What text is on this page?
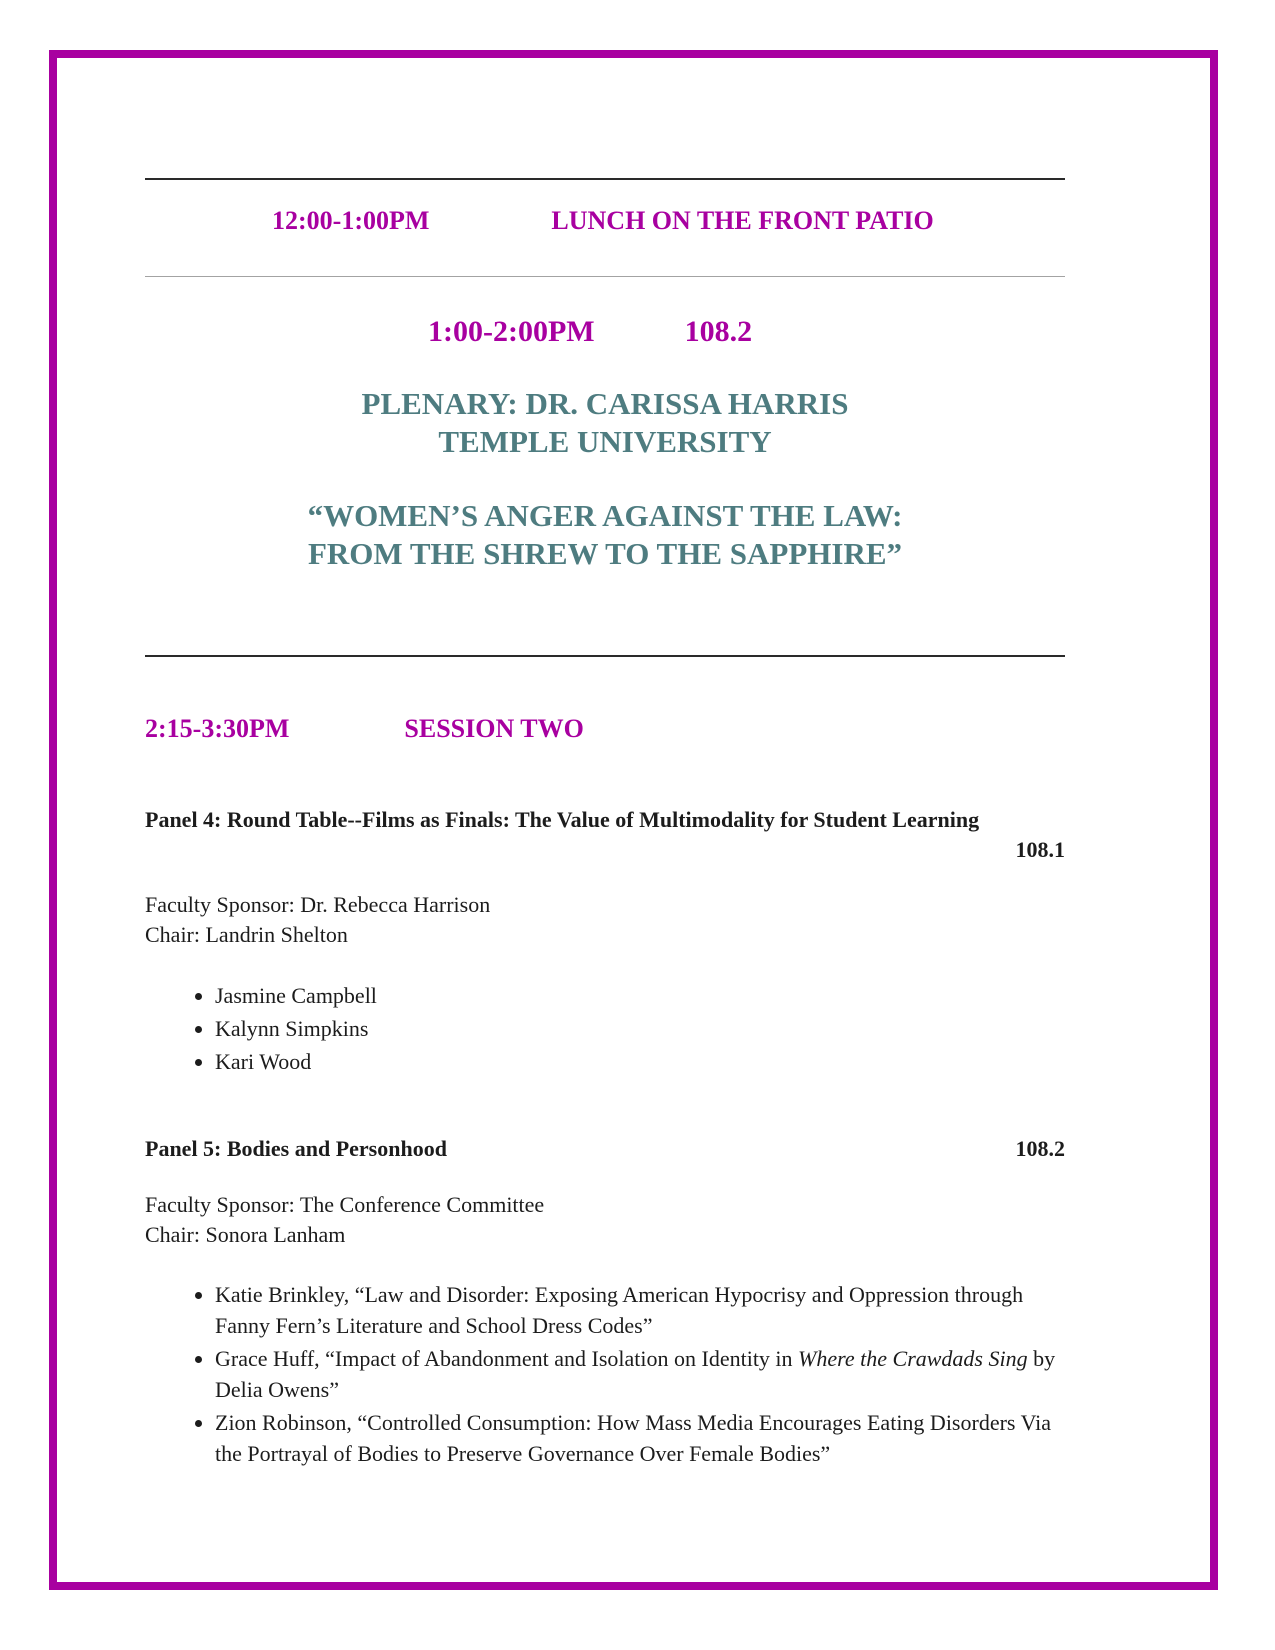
12:00-1:00PM	LUNCH ON THE FRONT PATIO
1:00-2:00PM	108.2
PLENARY: DR. CARISSA HARRIS
TEMPLE UNIVERSITY
“WOMEN’S ANGER AGAINST THE LAW:
FROM THE SHREW TO THE SAPPHIRE”
2:15-3:30PM	SESSION TWO
Panel 4: Round Table--Films as Finals: The Value of Multimodality for Student Learning
108.1
Faculty Sponsor: Dr. Rebecca Harrison
Chair: Landrin Shelton
• Jasmine Campbell
• Kalynn Simpkins
• Kari Wood
Panel 5: Bodies and Personhood	108.2
Faculty Sponsor: The Conference Committee
Chair: Sonora Lanham
• Katie Brinkley, “Law and Disorder: Exposing American Hypocrisy and Oppression through Fanny Fern’s Literature and School Dress Codes”
• Grace Huff, “Impact of Abandonment and Isolation on Identity in Where the Crawdads Sing by Delia Owens”
• Zion Robinson, “Controlled Consumption: How Mass Media Encourages Eating Disorders Via the Portrayal of Bodies to Preserve Governance Over Female Bodies”
